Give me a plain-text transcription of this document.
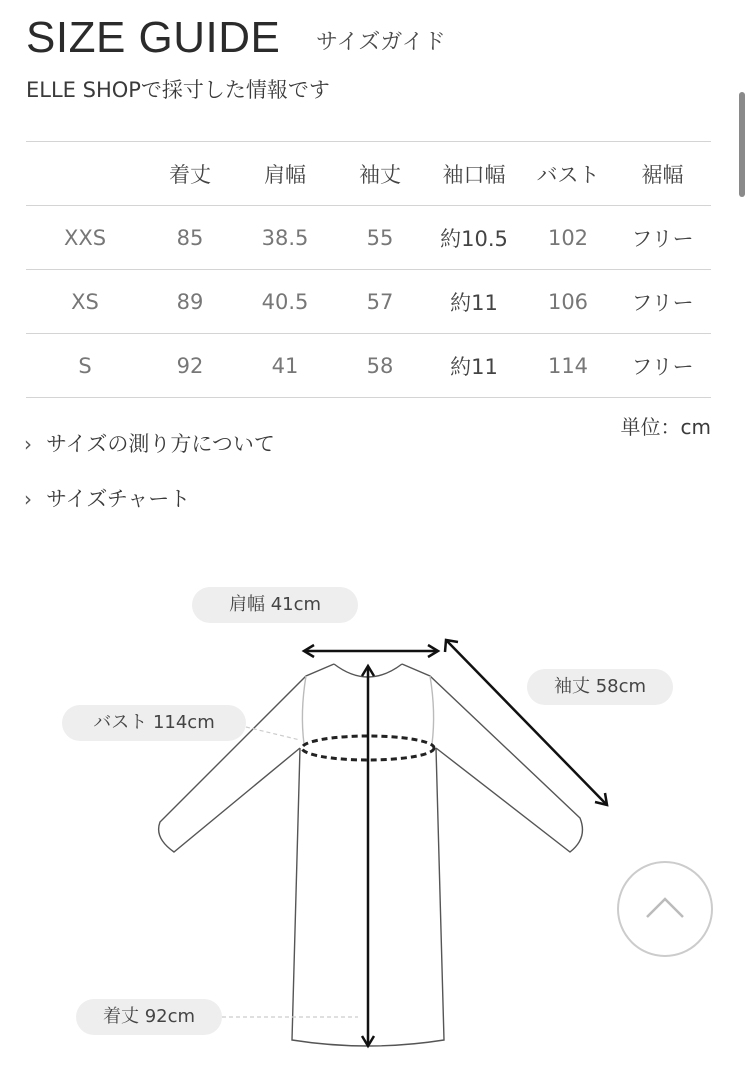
SIZE GUIDE サイズガイド
ELLE SHOPで採寸した情報です
	着丈	肩幅	袖丈	袖口幅	バスト	裾幅
XXS	85	38.5	55	約10.5	102	フリー
XS	89	40.5	57	約11	106	フリー
S	92	41	58	約11	114	フリー
単位：cm
› サイズの測り方について
› サイズチャート
肩幅 41cm
袖丈 58cm
バスト 114cm
着丈 92cm
